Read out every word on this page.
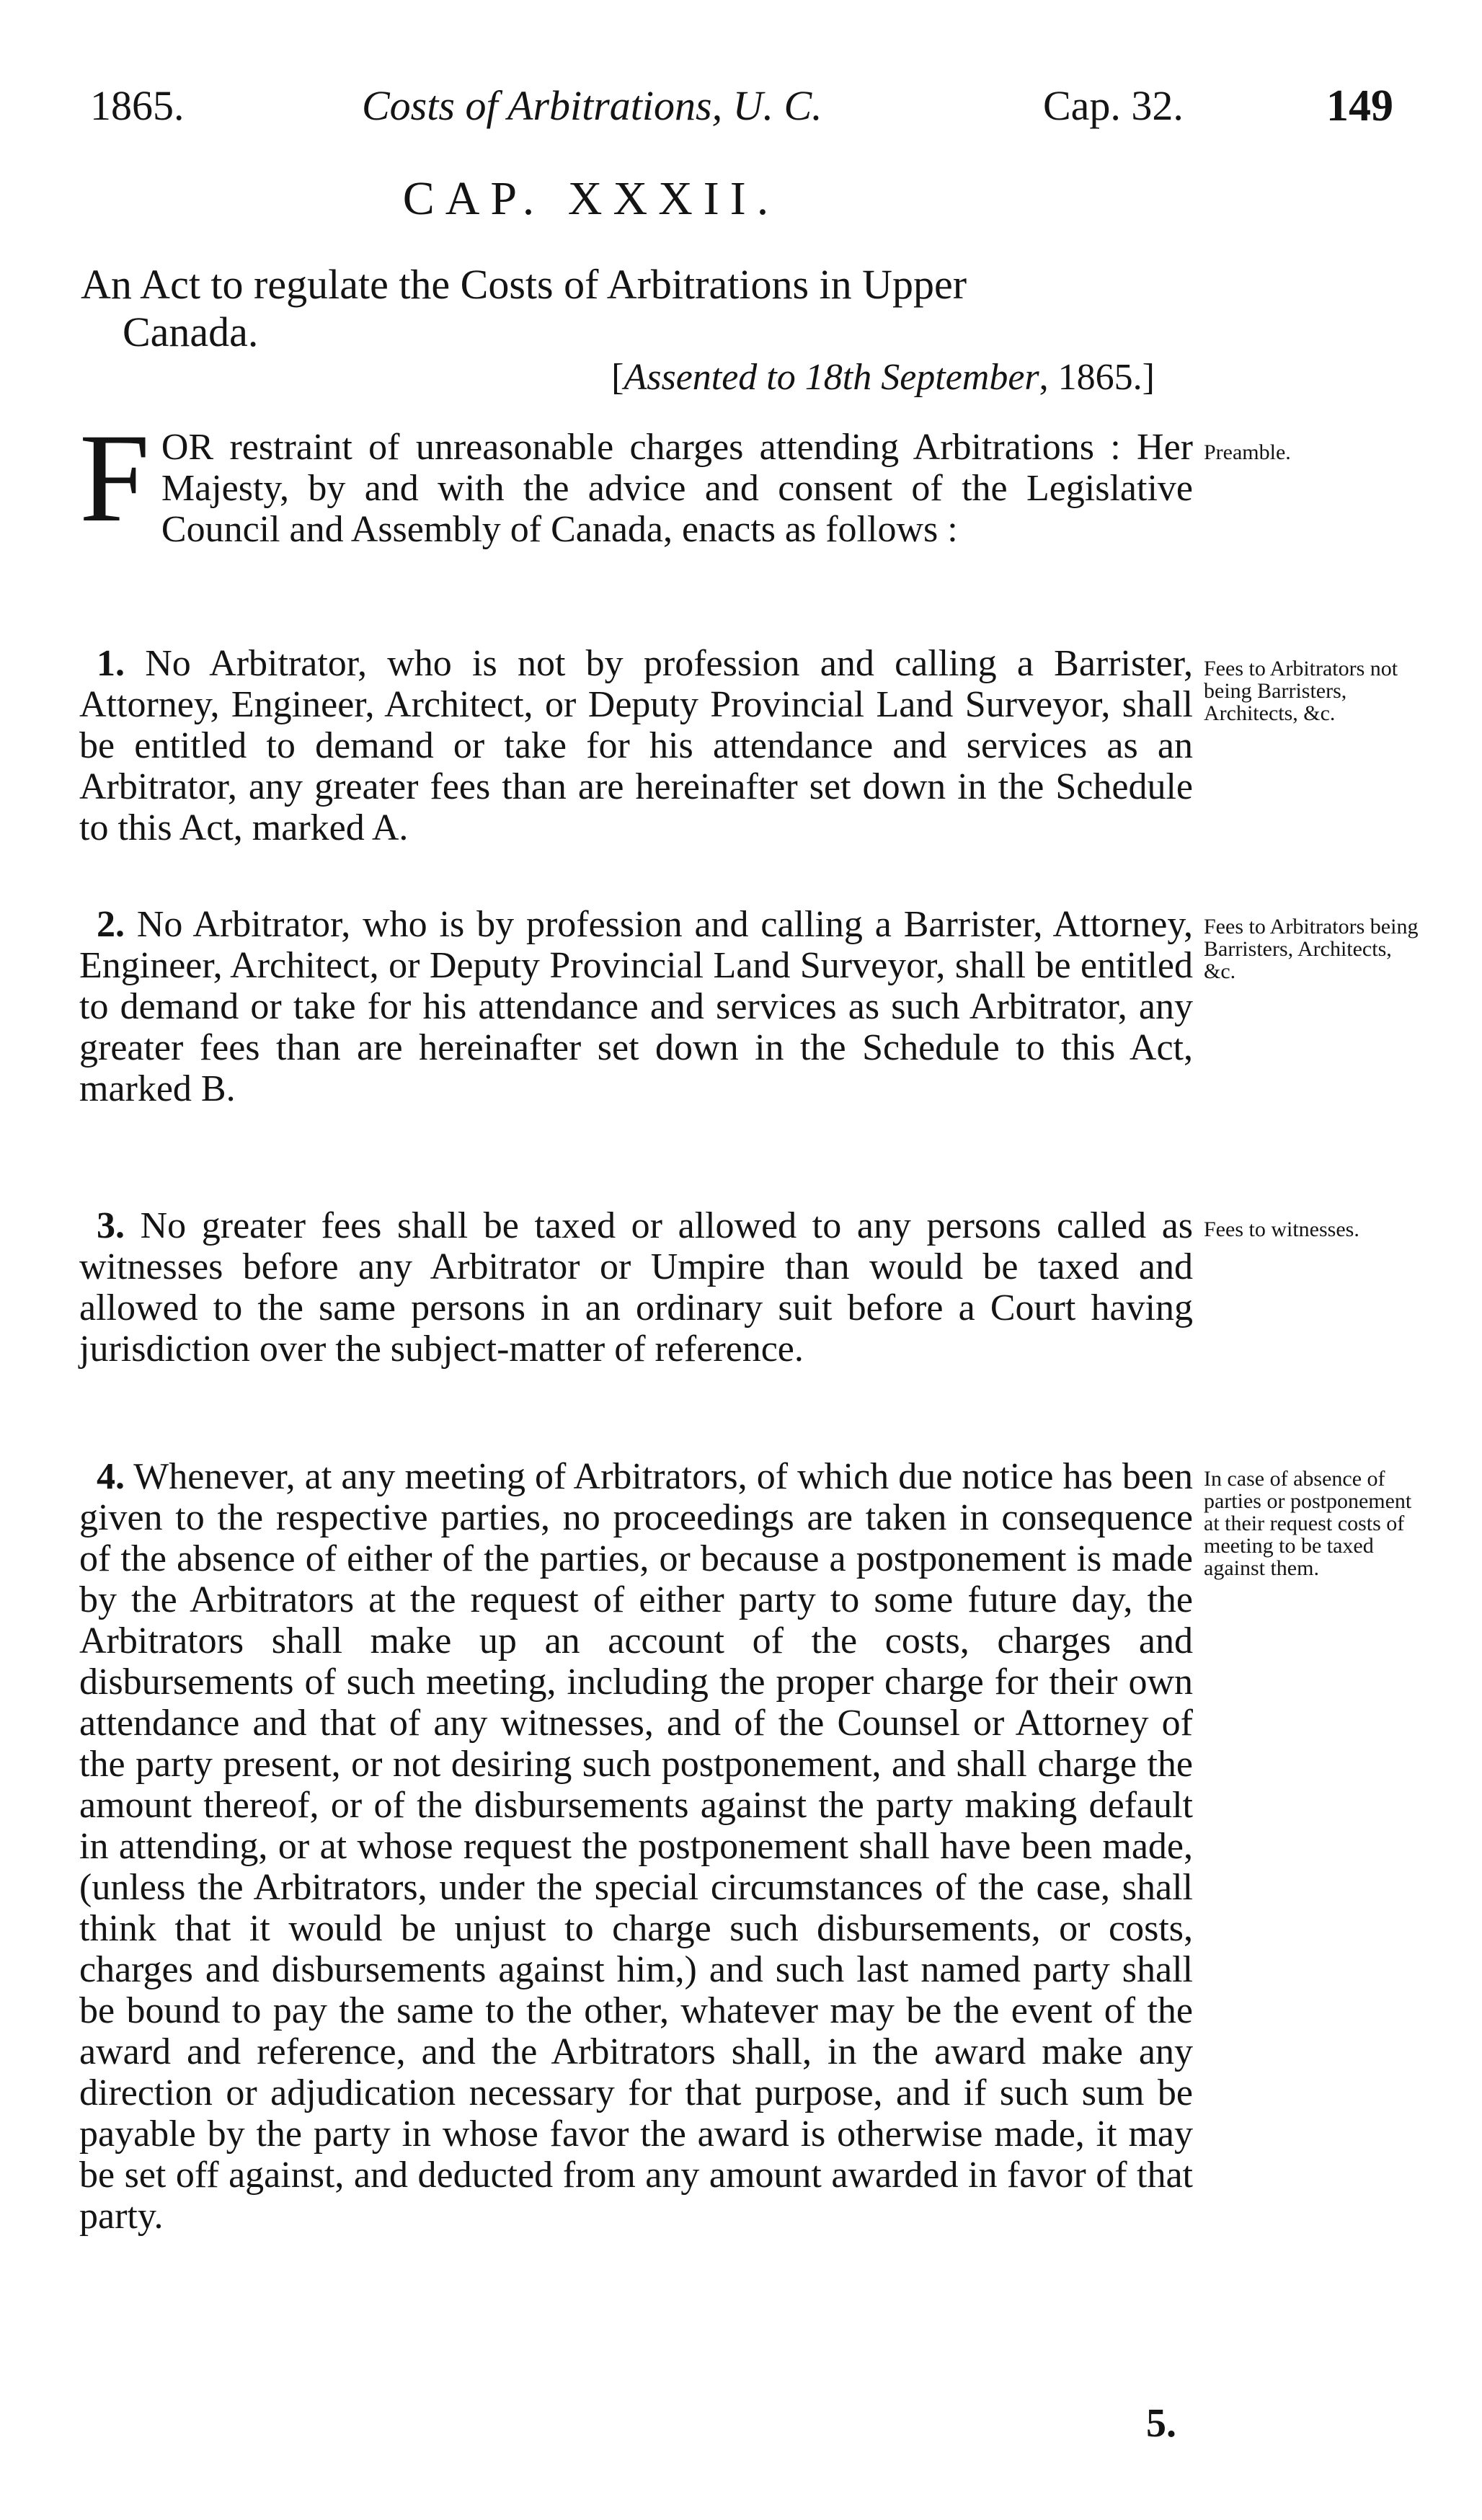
1865.	Costs of Arbitrations, U. C.	Cap. 32.	149
CAP. XXXII.
An Act to regulate the Costs of Arbitrations in Upper
Canada.
[Assented to 18th September, 1865.]

FOR restraint of unreasonable charges attending Arbitrations : Her Majesty, by and with the advice and consent of the Legislative Council and Assembly of Canada, enacts as follows :

Preamble.

1. No Arbitrator, who is not by profession and calling a Barrister, Attorney, Engineer, Architect, or Deputy Provincial Land Surveyor, shall be entitled to demand or take for his attendance and services as an Arbitrator, any greater fees than are hereinafter set down in the Schedule to this Act, marked A.

Fees to Arbitrators not being Barristers, Architects, &c.

2. No Arbitrator, who is by profession and calling a Barrister, Attorney, Engineer, Architect, or Deputy Provincial Land Surveyor, shall be entitled to demand or take for his attendance and services as such Arbitrator, any greater fees than are hereinafter set down in the Schedule to this Act, marked B.

Fees to Arbitrators being Barristers, Architects, &c.

3. No greater fees shall be taxed or allowed to any persons called as witnesses before any Arbitrator or Umpire than would be taxed and allowed to the same persons in an ordinary suit before a Court having jurisdiction over the subject-matter of reference.

Fees to witnesses.

4. Whenever, at any meeting of Arbitrators, of which due notice has been given to the respective parties, no proceedings are taken in consequence of the absence of either of the parties, or because a postponement is made by the Arbitrators at the request of either party to some future day, the Arbitrators shall make up an account of the costs, charges and disbursements of such meeting, including the proper charge for their own attendance and that of any witnesses, and of the Counsel or Attorney of the party present, or not desiring such postponement, and shall charge the amount thereof, or of the disbursements against the party making default in attending, or at whose request the postponement shall have been made, (unless the Arbitrators, under the special circumstances of the case, shall think that it would be unjust to charge such disbursements, or costs, charges and disbursements against him,) and such last named party shall be bound to pay the same to the other, whatever may be the event of the award and reference, and the Arbitrators shall, in the award make any direction or adjudication necessary for that purpose, and if such sum be payable by the party in whose favor the award is otherwise made, it may be set off against, and deducted from any amount awarded in favor of that party.

In case of absence of parties or postponement at their request costs of meeting to be taxed against them.

5.
